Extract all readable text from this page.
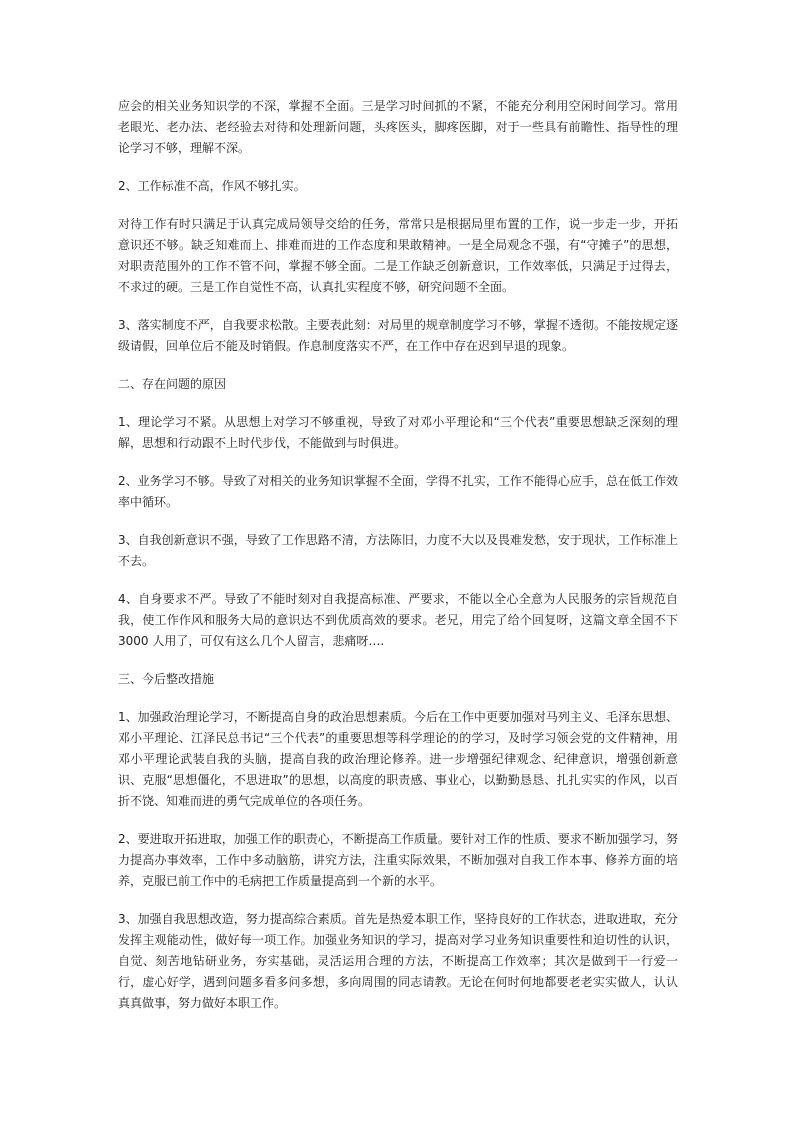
应会的相关业务知识学的不深，掌握不全面。三是学习时间抓的不紧，不能充分利用空闲时间学习。常用老眼光、老办法、老经验去对待和处理新问题，头疼医头，脚疼医脚，对于一些具有前瞻性、指导性的理论学习不够，理解不深。

2、工作标准不高，作风不够扎实。

对待工作有时只满足于认真完成局领导交给的任务，常常只是根据局里布置的工作，说一步走一步，开拓意识还不够。缺乏知难而上、排难而进的工作态度和果敢精神。一是全局观念不强，有“守摊子”的思想，对职责范围外的工作不管不问，掌握不够全面。二是工作缺乏创新意识，工作效率低，只满足于过得去，不求过的硬。三是工作自觉性不高，认真扎实程度不够，研究问题不全面。

3、落实制度不严，自我要求松散。主要表此刻：对局里的规章制度学习不够，掌握不透彻。不能按规定逐级请假，回单位后不能及时销假。作息制度落实不严，在工作中存在迟到早退的现象。

二、存在问题的原因

1、理论学习不紧。从思想上对学习不够重视，导致了对邓小平理论和“三个代表”重要思想缺乏深刻的理解，思想和行动跟不上时代步伐，不能做到与时俱进。

2、业务学习不够。导致了对相关的业务知识掌握不全面，学得不扎实，工作不能得心应手，总在低工作效率中循环。

3、自我创新意识不强，导致了工作思路不清，方法陈旧，力度不大以及畏难发愁，安于现状，工作标准上不去。

4、自身要求不严。导致了不能时刻对自我提高标准、严要求，不能以全心全意为人民服务的宗旨规范自我，使工作作风和服务大局的意识达不到优质高效的要求。老兄，用完了给个回复呀，这篇文章全国不下 3000 人用了，可仅有这么几个人留言，悲痛呀….

三、今后整改措施

1、加强政治理论学习，不断提高自身的政治思想素质。今后在工作中更要加强对马列主义、毛泽东思想、邓小平理论、江泽民总书记“三个代表”的重要思想等科学理论的的学习，及时学习领会党的文件精神，用邓小平理论武装自我的头脑，提高自我的政治理论修养。进一步增强纪律观念、纪律意识，增强创新意识、克服“思想僵化，不思进取”的思想，以高度的职责感、事业心，以勤勤恳恳、扎扎实实的作风，以百折不饶、知难而进的勇气完成单位的各项任务。

2、要进取开拓进取，加强工作的职责心，不断提高工作质量。要针对工作的性质、要求不断加强学习，努力提高办事效率，工作中多动脑筋，讲究方法，注重实际效果，不断加强对自我工作本事、修养方面的培养，克服已前工作中的毛病把工作质量提高到一个新的水平。

3、加强自我思想改造，努力提高综合素质。首先是热爱本职工作，坚持良好的工作状态，进取进取，充分发挥主观能动性，做好每一项工作。加强业务知识的学习，提高对学习业务知识重要性和迫切性的认识，自觉、刻苦地钻研业务，夯实基础，灵活运用合理的方法，不断提高工作效率；其次是做到干一行爱一行，虚心好学，遇到问题多看多问多想，多向周围的同志请教。无论在何时何地都要老老实实做人，认认真真做事，努力做好本职工作。
